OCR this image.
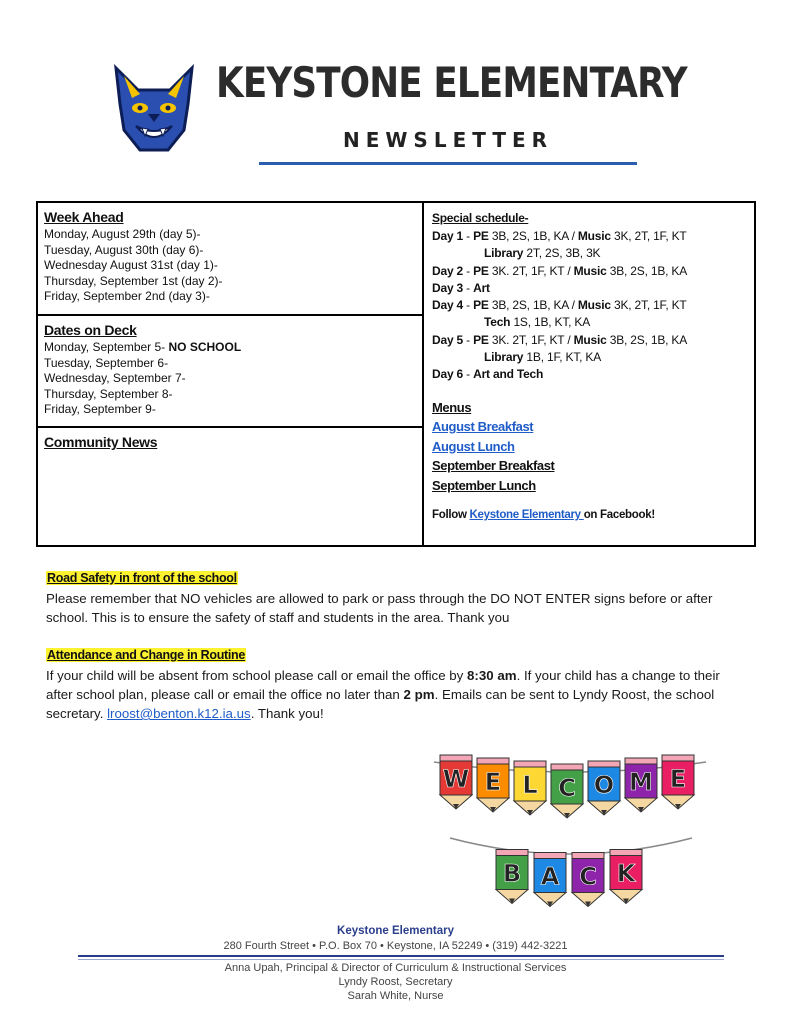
KEYSTONE ELEMENTARY
NEWSLETTER
Week Ahead
Monday, August 29th (day 5)-
Tuesday, August 30th (day 6)-
Wednesday August 31st (day 1)-
Thursday, September 1st (day 2)-
Friday, September 2nd (day 3)-
Dates on Deck
Monday, September 5- NO SCHOOL
Tuesday, September 6-
Wednesday, September 7-
Thursday, September 8-
Friday, September 9-
Community News
Special schedule-
Day 1 - PE 3B, 2S, 1B, KA / Music 3K, 2T, 1F, KT
Library 2T, 2S, 3B, 3K
Day 2 - PE 3K. 2T, 1F, KT / Music 3B, 2S, 1B, KA
Day 3 - Art
Day 4 - PE 3B, 2S, 1B, KA / Music 3K, 2T, 1F, KT
Tech 1S, 1B, KT, KA
Day 5 - PE 3K. 2T, 1F, KT / Music 3B, 2S, 1B, KA
Library 1B, 1F, KT, KA
Day 6 - Art and Tech
Menus
August Breakfast
August Lunch
September Breakfast
September Lunch
Follow Keystone Elementary on Facebook!
Road Safety in front of the school
Please remember that NO vehicles are allowed to park or pass through the DO NOT ENTER signs before or after school. This is to ensure the safety of staff and students in the area. Thank you
Attendance and Change in Routine
If your child will be absent from school please call or email the office by 8:30 am. If your child has a change to their after school plan, please call or email the office no later than 2 pm. Emails can be sent to Lyndy Roost, the school secretary. lroost@benton.k12.ia.us. Thank you!
W E L C O M E
B A C K
Keystone Elementary
280 Fourth Street • P.O. Box 70 • Keystone, IA 52249 • (319) 442-3221
Anna Upah, Principal & Director of Curriculum & Instructional Services
Lyndy Roost, Secretary
Sarah White, Nurse
